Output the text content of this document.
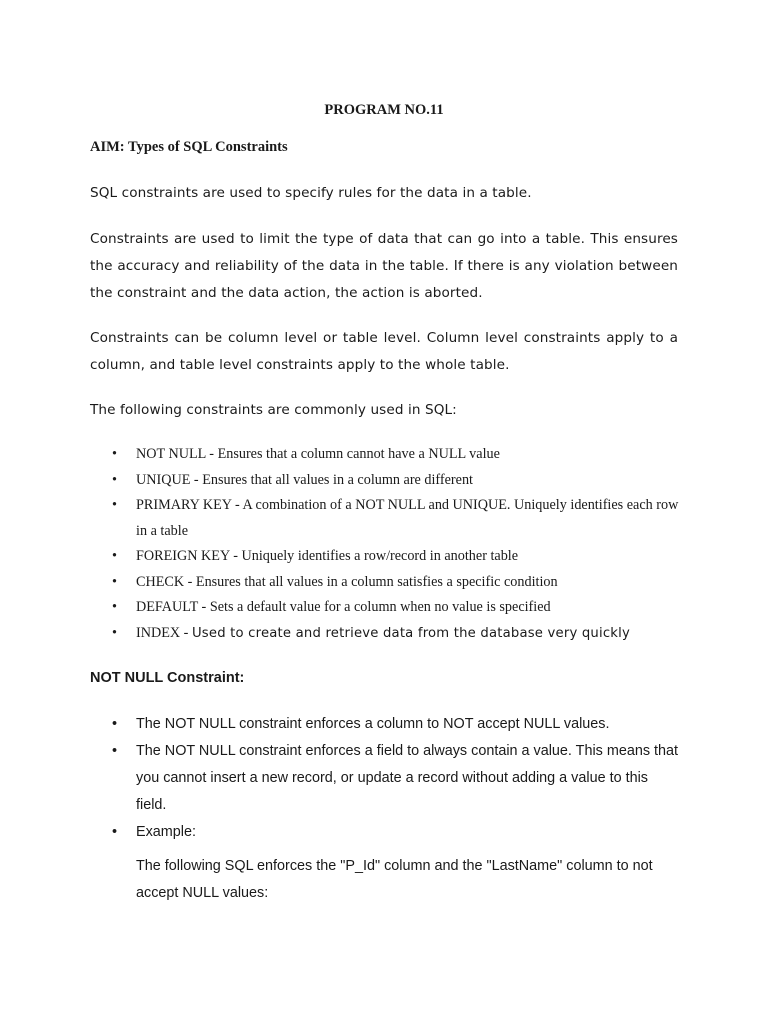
PROGRAM NO.11
AIM: Types of SQL Constraints
SQL constraints are used to specify rules for the data in a table.
Constraints are used to limit the type of data that can go into a table. This ensures the accuracy and reliability of the data in the table. If there is any violation between the constraint and the data action, the action is aborted.
Constraints can be column level or table level. Column level constraints apply to a column, and table level constraints apply to the whole table.
The following constraints are commonly used in SQL:
• NOT NULL - Ensures that a column cannot have a NULL value
• UNIQUE - Ensures that all values in a column are different
• PRIMARY KEY - A combination of a NOT NULL and UNIQUE. Uniquely identifies each row in a table
• FOREIGN KEY - Uniquely identifies a row/record in another table
• CHECK - Ensures that all values in a column satisfies a specific condition
• DEFAULT - Sets a default value for a column when no value is specified
• INDEX - Used to create and retrieve data from the database very quickly
NOT NULL Constraint:
• The NOT NULL constraint enforces a column to NOT accept NULL values.
• The NOT NULL constraint enforces a field to always contain a value. This means that you cannot insert a new record, or update a record without adding a value to this field.
• Example:
The following SQL enforces the "P_Id" column and the "LastName" column to not accept NULL values:
